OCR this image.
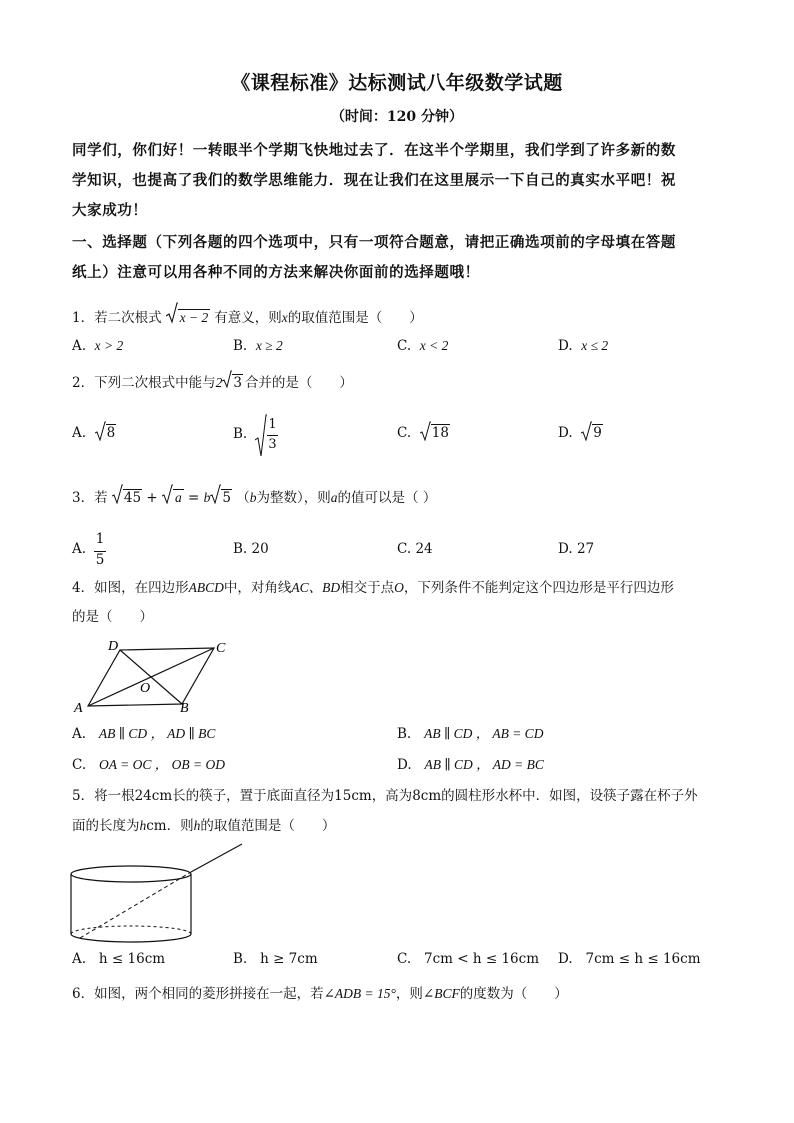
《课程标准》达标测试八年级数学试题
（时间：120 分钟）

同学们，你们好！一转眼半个学期飞快地过去了．在这半个学期里，我们学到了许多新的数

学知识，也提高了我们的数学思维能力．现在让我们在这里展示一下自己的真实水平吧！祝

大家成功！

一、选择题（下列各题的四个选项中，只有一项符合题意，请把正确选项前的字母填在答题

纸上）注意可以用各种不同的方法来解决你面前的选择题哦！

1．若二次根式 x − 2 有意义，则x的取值范围是（　　）
A. x > 2	B. x ≥ 2	C. x < 2	D. x ≤ 2
2．下列二次根式中能与2 3 合并的是（　　）
A. 8	B.
1
3
C. 18	D. 9
3．若 45 + a = b 5 （b为整数），则a的值可以是（ ）
A.
1
5
B. 20	C. 24	D. 27
4．如图，在四边形ABCD中，对角线AC、BD相交于点O，下列条件不能判定这个四边形是平行四边形
的是（　　）
A	B
C
D
O
A. AB ∥ CD ， AD ∥ BC	B. AB ∥ CD ， AB = CD
C. OA = OC ， OB = OD	D. AB ∥ CD ， AD = BC
5．将一根24cm长的筷子，置于底面直径为15cm，高为8cm的圆柱形水杯中．如图，设筷子露在杯子外
面的长度为hcm．则h的取值范围是（　　）
A. h ≤ 16cm	B. h ≥ 7cm	C. 7cm < h ≤ 16cm D. 7cm ≤ h ≤ 16cm
6．如图，两个相同的菱形拼接在一起，若∠ADB = 15°，则∠BCF的度数为（　　）
